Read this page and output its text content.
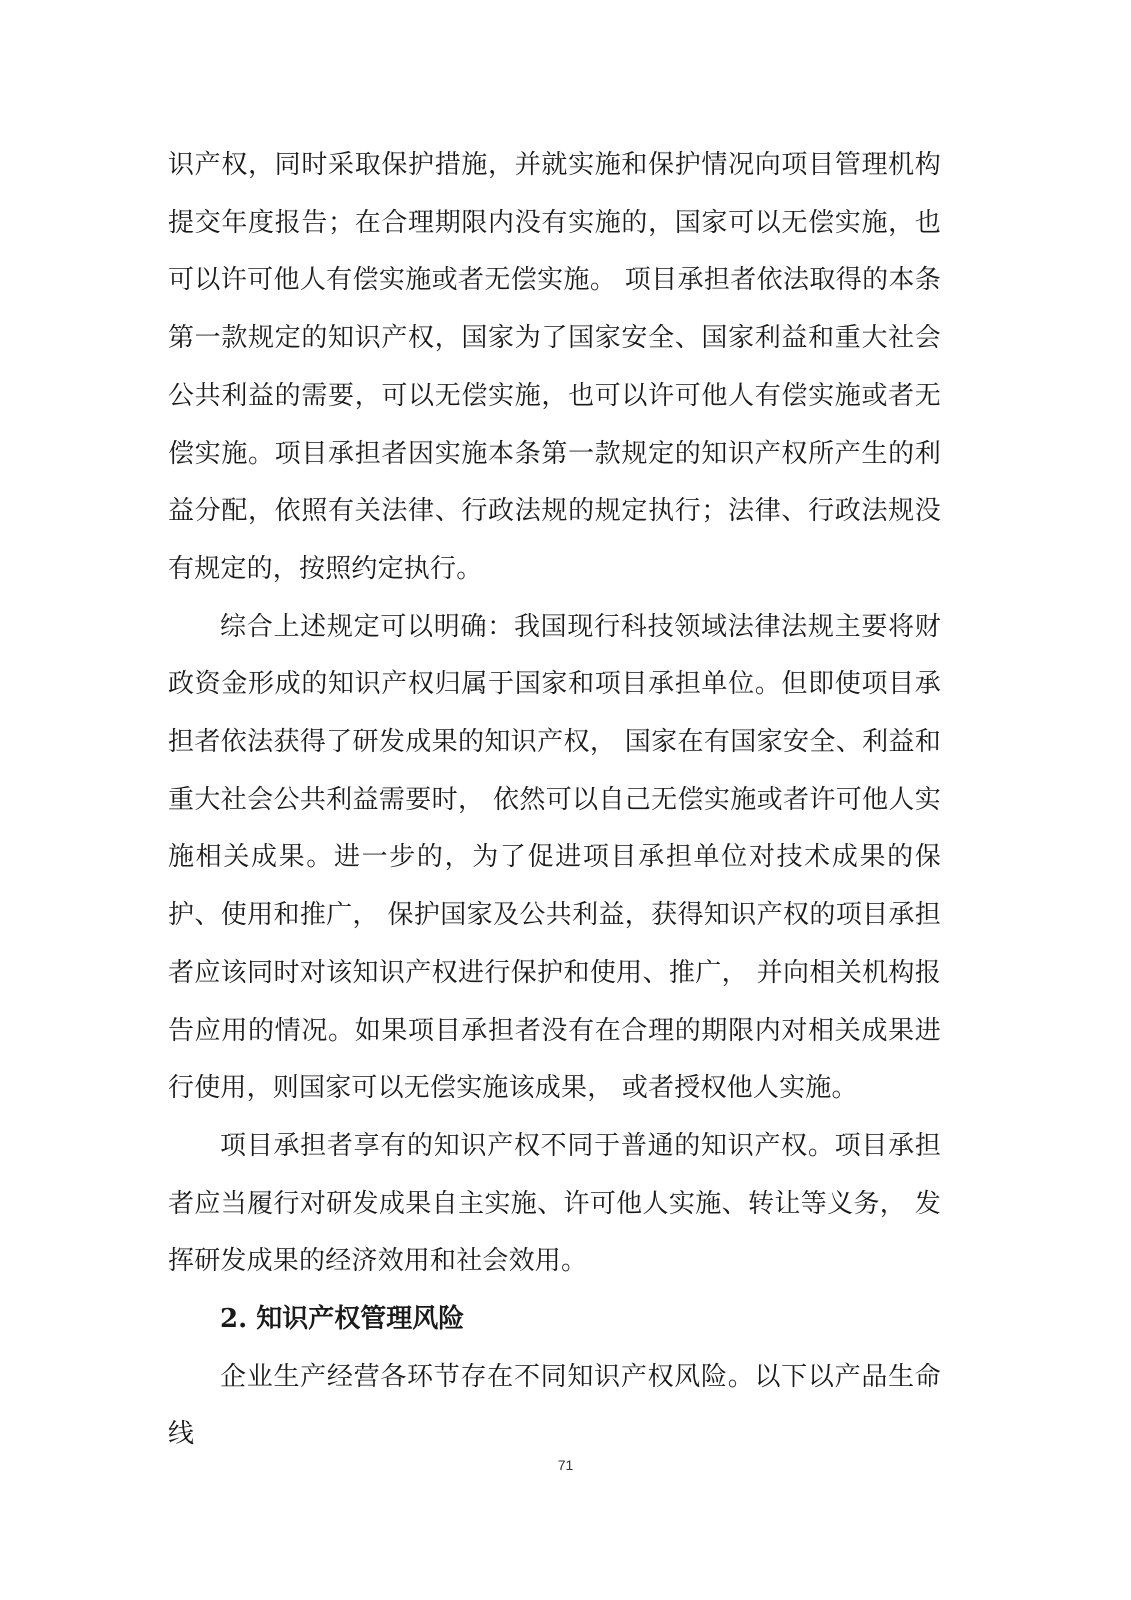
识产权，同时采取保护措施，并就实施和保护情况向项目管理机构提交年度报告；在合理期限内没有实施的，国家可以无偿实施，也可以许可他人有偿实施或者无偿实施。 项目承担者依法取得的本条第一款规定的知识产权，国家为了国家安全、国家利益和重大社会公共利益的需要，可以无偿实施，也可以许可他人有偿实施或者无偿实施。项目承担者因实施本条第一款规定的知识产权所产生的利益分配，依照有关法律、行政法规的规定执行；法律、行政法规没有规定的，按照约定执行。

综合上述规定可以明确：我国现行科技领域法律法规主要将财政资金形成的知识产权归属于国家和项目承担单位。但即使项目承担者依法获得了研发成果的知识产权， 国家在有国家安全、利益和重大社会公共利益需要时， 依然可以自己无偿实施或者许可他人实施相关成果。进一步的，为了促进项目承担单位对技术成果的保护、使用和推广， 保护国家及公共利益，获得知识产权的项目承担者应该同时对该知识产权进行保护和使用、推广， 并向相关机构报告应用的情况。如果项目承担者没有在合理的期限内对相关成果进行使用，则国家可以无偿实施该成果， 或者授权他人实施。

项目承担者享有的知识产权不同于普通的知识产权。项目承担者应当履行对研发成果自主实施、许可他人实施、转让等义务， 发挥研发成果的经济效用和社会效用。

2. 知识产权管理风险

企业生产经营各环节存在不同知识产权风险。以下以产品生命线

71
